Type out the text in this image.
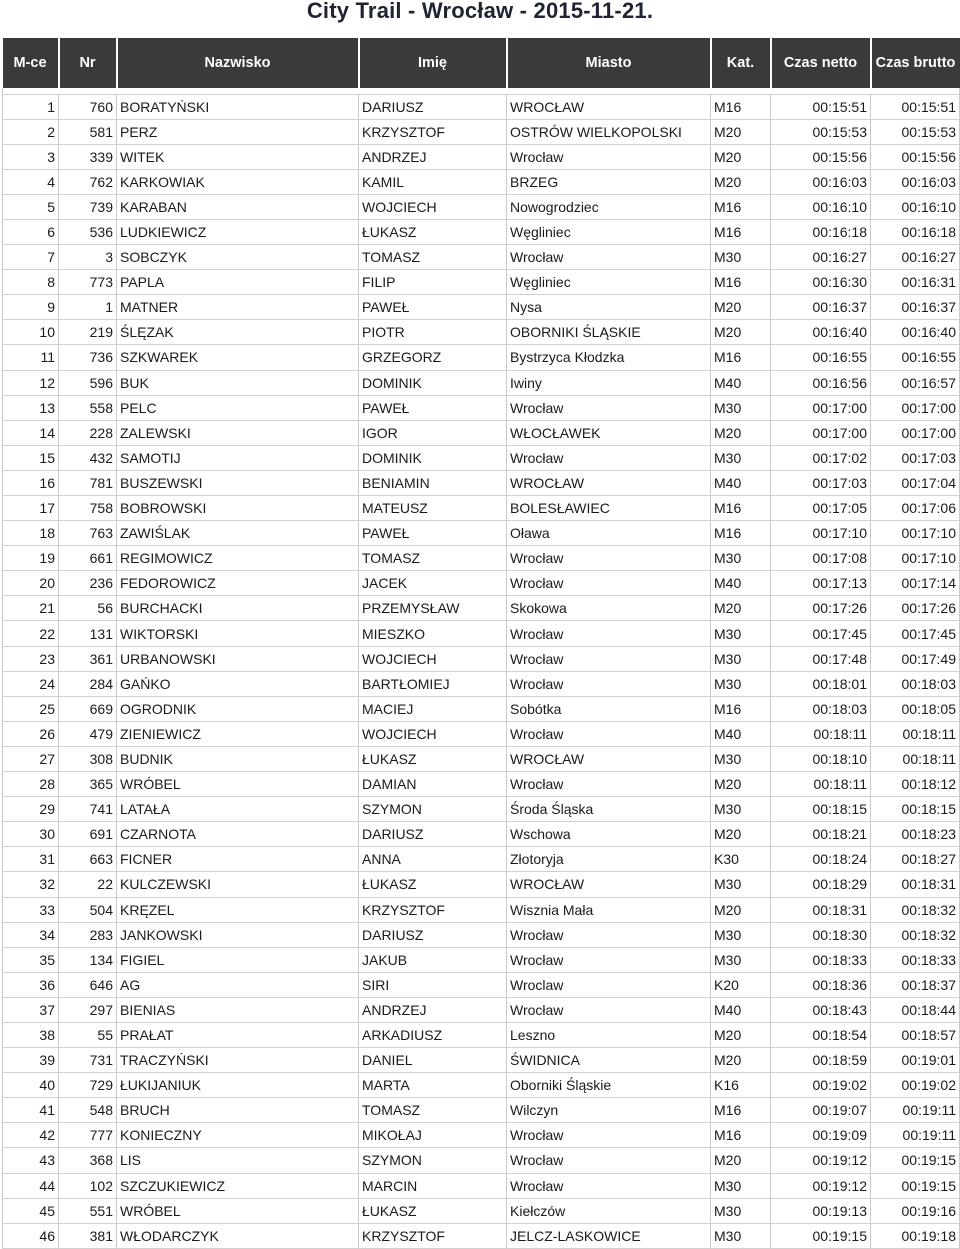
City Trail - Wrocław - 2015-11-21.
M-ce	Nr	Nazwisko	Imię	Miasto	Kat.	Czas netto	Czas brutto

1	760	BORATYŃSKI	DARIUSZ	WROCŁAW	M16	00:15:51	00:15:51
2	581	PERZ	KRZYSZTOF	OSTRÓW WIELKOPOLSKI	M20	00:15:53	00:15:53
3	339	WITEK	ANDRZEJ	Wrocław	M20	00:15:56	00:15:56
4	762	KARKOWIAK	KAMIL	BRZEG	M20	00:16:03	00:16:03
5	739	KARABAN	WOJCIECH	Nowogrodziec	M16	00:16:10	00:16:10
6	536	LUDKIEWICZ	ŁUKASZ	Węgliniec	M16	00:16:18	00:16:18
7	3	SOBCZYK	TOMASZ	Wrocław	M30	00:16:27	00:16:27
8	773	PAPLA	FILIP	Węgliniec	M16	00:16:30	00:16:31
9	1	MATNER	PAWEŁ	Nysa	M20	00:16:37	00:16:37
10	219	ŚLĘZAK	PIOTR	OBORNIKI ŚLĄSKIE	M20	00:16:40	00:16:40
11	736	SZKWAREK	GRZEGORZ	Bystrzyca Kłodzka	M16	00:16:55	00:16:55
12	596	BUK	DOMINIK	Iwiny	M40	00:16:56	00:16:57
13	558	PELC	PAWEŁ	Wrocław	M30	00:17:00	00:17:00
14	228	ZALEWSKI	IGOR	WŁOCŁAWEK	M20	00:17:00	00:17:00
15	432	SAMOTIJ	DOMINIK	Wrocław	M30	00:17:02	00:17:03
16	781	BUSZEWSKI	BENIAMIN	WROCŁAW	M40	00:17:03	00:17:04
17	758	BOBROWSKI	MATEUSZ	BOLESŁAWIEC	M16	00:17:05	00:17:06
18	763	ZAWIŚLAK	PAWEŁ	Oława	M16	00:17:10	00:17:10
19	661	REGIMOWICZ	TOMASZ	Wrocław	M30	00:17:08	00:17:10
20	236	FEDOROWICZ	JACEK	Wrocław	M40	00:17:13	00:17:14
21	56	BURCHACKI	PRZEMYSŁAW	Skokowa	M20	00:17:26	00:17:26
22	131	WIKTORSKI	MIESZKO	Wrocław	M30	00:17:45	00:17:45
23	361	URBANOWSKI	WOJCIECH	Wrocław	M30	00:17:48	00:17:49
24	284	GAŃKO	BARTŁOMIEJ	Wrocław	M30	00:18:01	00:18:03
25	669	OGRODNIK	MACIEJ	Sobótka	M16	00:18:03	00:18:05
26	479	ZIENIEWICZ	WOJCIECH	Wrocław	M40	00:18:11	00:18:11
27	308	BUDNIK	ŁUKASZ	WROCŁAW	M30	00:18:10	00:18:11
28	365	WRÓBEL	DAMIAN	Wrocław	M20	00:18:11	00:18:12
29	741	LATAŁA	SZYMON	Środa Śląska	M30	00:18:15	00:18:15
30	691	CZARNOTA	DARIUSZ	Wschowa	M20	00:18:21	00:18:23
31	663	FICNER	ANNA	Złotoryja	K30	00:18:24	00:18:27
32	22	KULCZEWSKI	ŁUKASZ	WROCŁAW	M30	00:18:29	00:18:31
33	504	KRĘZEL	KRZYSZTOF	Wisznia Mała	M20	00:18:31	00:18:32
34	283	JANKOWSKI	DARIUSZ	Wrocław	M30	00:18:30	00:18:32
35	134	FIGIEL	JAKUB	Wrocław	M30	00:18:33	00:18:33
36	646	AG	SIRI	Wroclaw	K20	00:18:36	00:18:37
37	297	BIENIAS	ANDRZEJ	Wrocław	M40	00:18:43	00:18:44
38	55	PRAŁAT	ARKADIUSZ	Leszno	M20	00:18:54	00:18:57
39	731	TRACZYŃSKI	DANIEL	ŚWIDNICA	M20	00:18:59	00:19:01
40	729	ŁUKIJANIUK	MARTA	Oborniki Śląskie	K16	00:19:02	00:19:02
41	548	BRUCH	TOMASZ	Wilczyn	M16	00:19:07	00:19:11
42	777	KONIECZNY	MIKOŁAJ	Wrocław	M16	00:19:09	00:19:11
43	368	LIS	SZYMON	Wrocław	M20	00:19:12	00:19:15
44	102	SZCZUKIEWICZ	MARCIN	Wrocław	M30	00:19:12	00:19:15
45	551	WRÓBEL	ŁUKASZ	Kiełczów	M30	00:19:13	00:19:16
46	381	WŁODARCZYK	KRZYSZTOF	JELCZ-LASKOWICE	M30	00:19:15	00:19:18
